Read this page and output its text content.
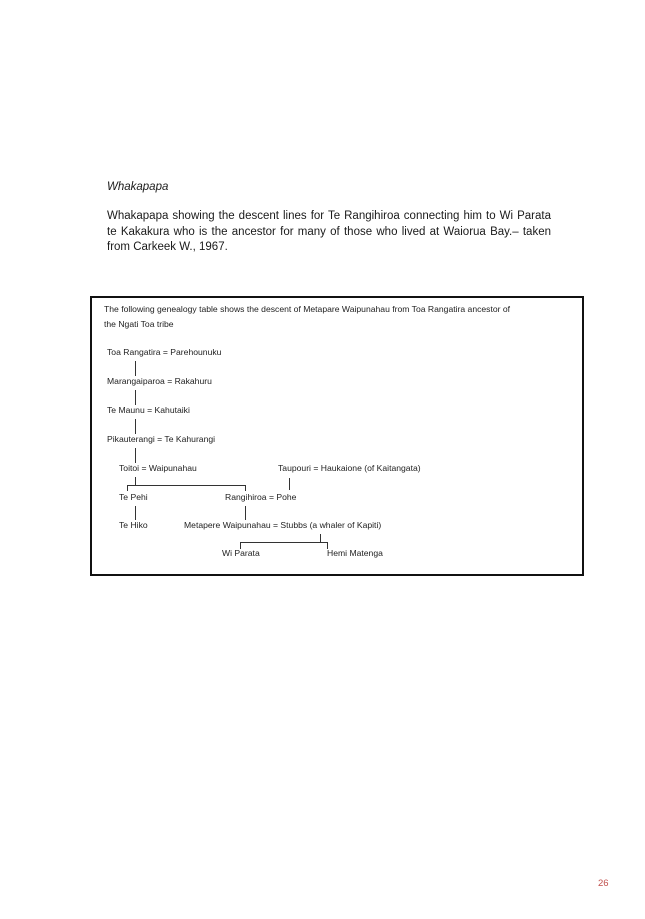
Whakapapa
Whakapapa showing the descent lines for Te Rangihiroa connecting him to Wi Parata te Kakakura who is the ancestor for many of those who lived at Waiorua Bay.– taken from Carkeek W., 1967.
The following genealogy table shows the descent of Metapare Waipunahau from Toa Rangatira ancestor of the Ngati Toa tribe
Toa Rangatira = Parehounuku
Marangaiparoa = Rakahuru
Te Maunu = Kahutaiki
Pikauterangi = Te Kahurangi
Toitoi = Waipunahau	Taupouri = Haukaione (of Kaitangata)
Te Pehi	Rangihiroa = Pohe
Te Hiko	Metapere Waipunahau = Stubbs (a whaler of Kapiti)
Wi Parata	Hemi Matenga
26
